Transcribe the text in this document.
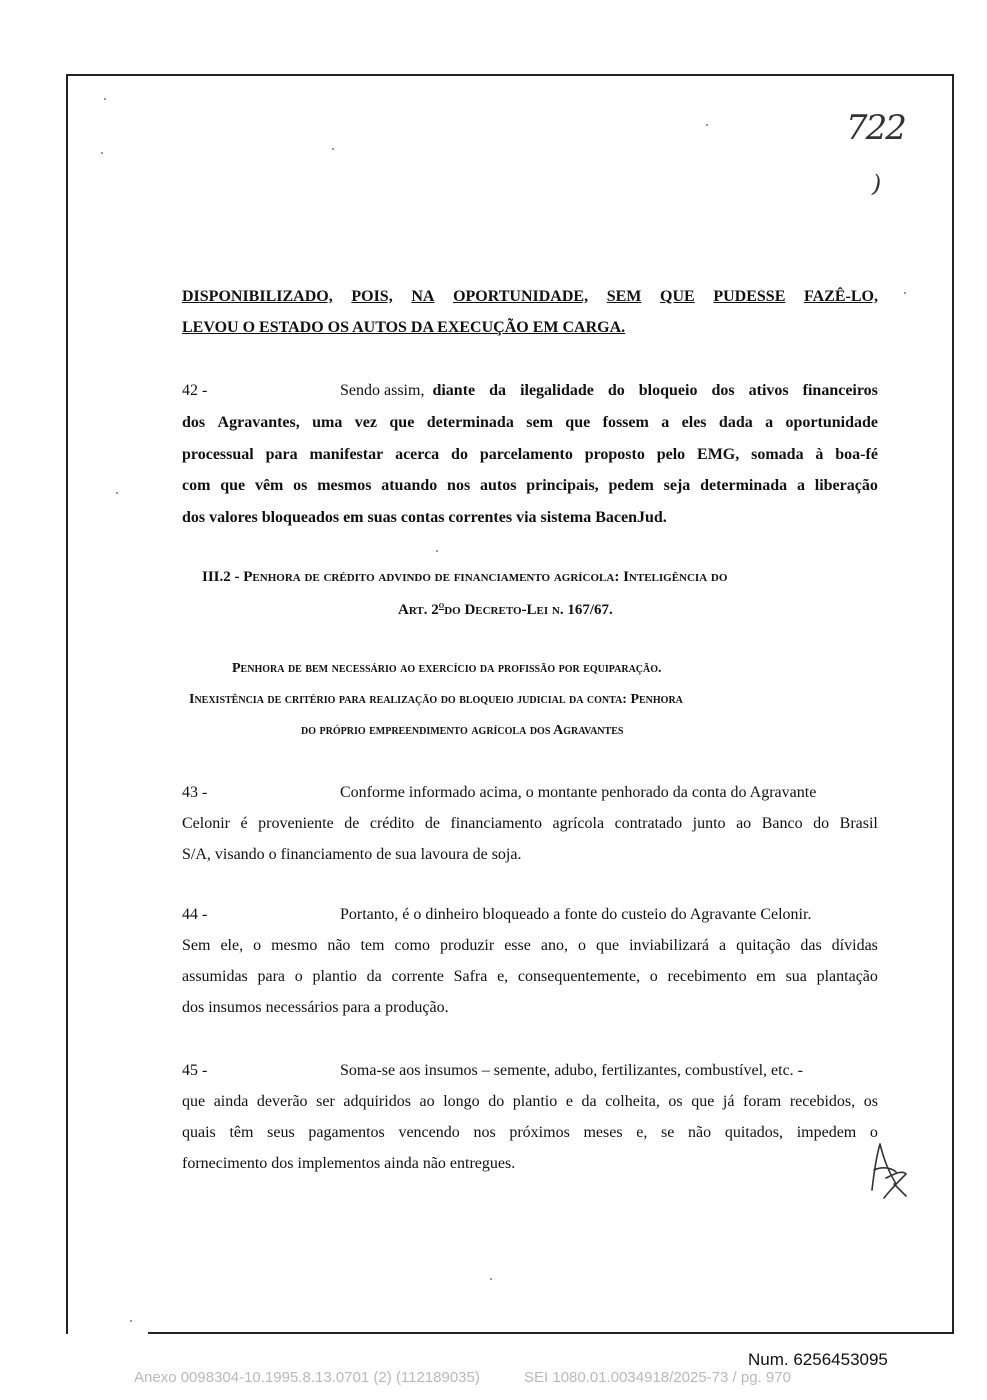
722
)
DISPONIBILIZADO, POIS, NA OPORTUNIDADE, SEM QUE PUDESSE FAZÊ-LO,
LEVOU O ESTADO OS AUTOS DA EXECUÇÃO EM CARGA.
42 -	Sendo assim, diante da ilegalidade do bloqueio dos ativos financeiros
dos Agravantes, uma vez que determinada sem que fossem a eles dada a oportunidade
processual para manifestar acerca do parcelamento proposto pelo EMG, somada à boa-fé
com que vêm os mesmos atuando nos autos principais, pedem seja determinada a liberação
dos valores bloqueados em suas contas correntes via sistema BacenJud.
III.2 - Penhora de crédito advindo de financiamento agrícola: Inteligência do
Art. 2$^o$do Decreto-Lei n. 167/67.
Penhora de bem necessário ao exercício da profissão por equiparação.
Inexistência de critério para realização do bloqueio judicial da conta: Penhora
do próprio empreendimento agrícola dos Agravantes
43 -	Conforme informado acima, o montante penhorado da conta do Agravante
Celonir é proveniente de crédito de financiamento agrícola contratado junto ao Banco do Brasil
S/A, visando o financiamento de sua lavoura de soja.
44 -	Portanto, é o dinheiro bloqueado a fonte do custeio do Agravante Celonir.
Sem ele, o mesmo não tem como produzir esse ano, o que inviabilizará a quitação das dívidas
assumidas para o plantio da corrente Safra e, consequentemente, o recebimento em sua plantação
dos insumos necessários para a produção.
45 -	Soma-se aos insumos – semente, adubo, fertilizantes, combustível, etc. -
que ainda deverão ser adquiridos ao longo do plantio e da colheita, os que já foram recebidos, os
quais têm seus pagamentos vencendo nos próximos meses e, se não quitados, impedem o
fornecimento dos implementos ainda não entregues.
Num. 6256453095
Anexo 0098304-10.1995.8.13.0701 (2) (112189035)	SEI 1080.01.0034918/2025-73 / pg. 970
